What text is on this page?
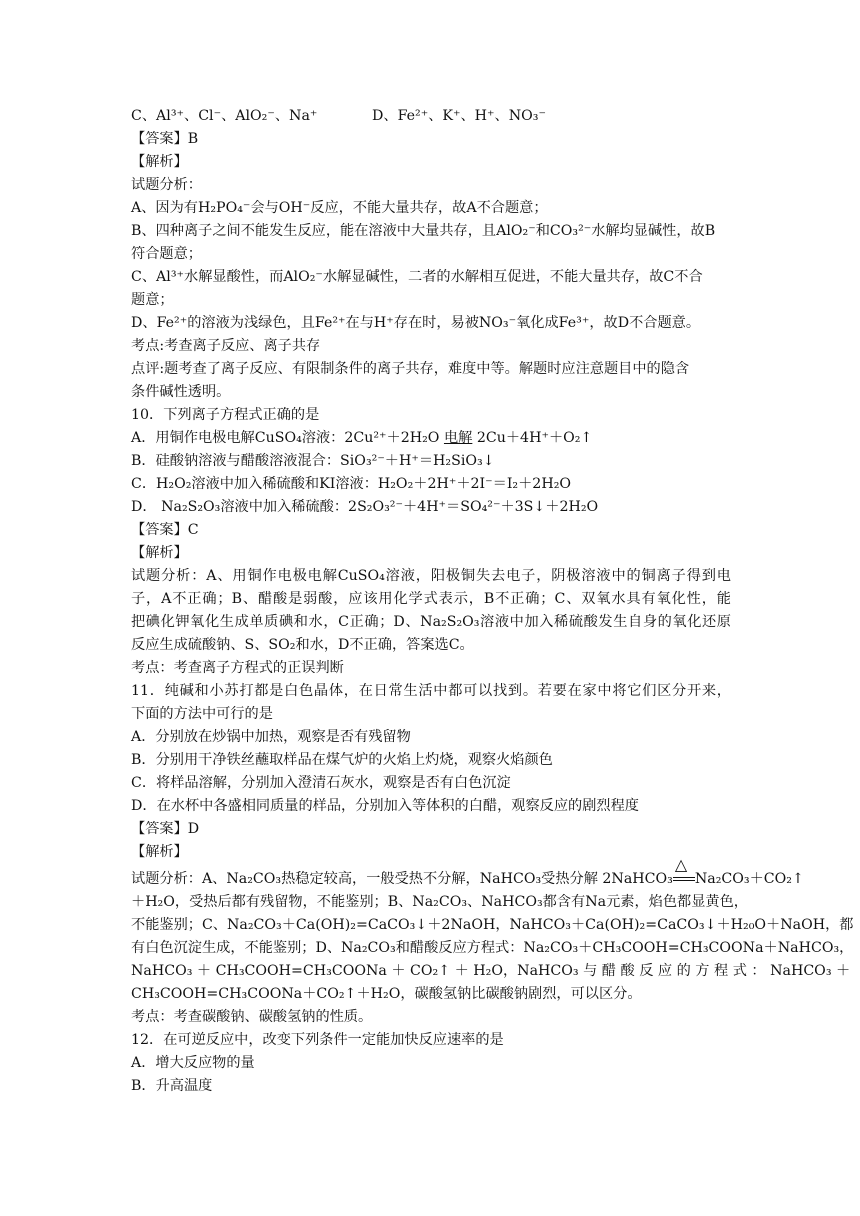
C、Al³⁺、Cl⁻、AlO₂⁻、Na⁺	D、Fe²⁺、K⁺、H⁺、NO₃⁻
【答案】B
【解析】
试题分析：
A、因为有H₂PO₄⁻会与OH⁻反应，不能大量共存，故A不合题意；
B、四种离子之间不能发生反应，能在溶液中大量共存，且AlO₂⁻和CO₃²⁻水解均显碱性，故B
符合题意；
C、Al³⁺水解显酸性，而AlO₂⁻水解显碱性，二者的水解相互促进，不能大量共存，故C不合
题意；
D、Fe²⁺的溶液为浅绿色，且Fe²⁺在与H⁺存在时，易被NO₃⁻氧化成Fe³⁺，故D不合题意。
考点:考查离子反应、离子共存
点评:题考查了离子反应、有限制条件的离子共存，难度中等。解题时应注意题目中的隐含
条件碱性透明。
10．下列离子方程式正确的是
A．用铜作电极电解CuSO₄溶液：2Cu²⁺＋2H₂O 电解 2Cu＋4H⁺＋O₂↑
B．硅酸钠溶液与醋酸溶液混合：SiO₃²⁻＋H⁺＝H₂SiO₃↓
C．H₂O₂溶液中加入稀硫酸和KI溶液：H₂O₂＋2H⁺＋2I⁻＝I₂＋2H₂O
D． Na₂S₂O₃溶液中加入稀硫酸：2S₂O₃²⁻＋4H⁺＝SO₄²⁻＋3S↓＋2H₂O
【答案】C
【解析】
试题分析：A、用铜作电极电解CuSO₄溶液，阳极铜失去电子，阴极溶液中的铜离子得到电
子，A不正确；B、醋酸是弱酸，应该用化学式表示，B不正确；C、双氧水具有氧化性，能
把碘化钾氧化生成单质碘和水，C正确；D、Na₂S₂O₃溶液中加入稀硫酸发生自身的氧化还原
反应生成硫酸钠、S、SO₂和水，D不正确，答案选C。
考点：考查离子方程式的正误判断
11．纯碱和小苏打都是白色晶体，在日常生活中都可以找到。若要在家中将它们区分开来，
下面的方法中可行的是
A．分别放在炒锅中加热，观察是否有残留物
B．分别用干净铁丝蘸取样品在煤气炉的火焰上灼烧，观察火焰颜色
C．将样品溶解，分别加入澄清石灰水，观察是否有白色沉淀
D．在水杯中各盛相同质量的样品，分别加入等体积的白醋，观察反应的剧烈程度
【答案】D
【解析】
试题分析：A、Na₂CO₃热稳定较高，一般受热不分解，NaHCO₃受热分解 2NaHCO₃
△
Na₂CO₃＋CO₂↑
＋H₂O，受热后都有残留物，不能鉴别；B、Na₂CO₃、NaHCO₃都含有Na元素，焰色都显黄色，
不能鉴别；C、Na₂CO₃＋Ca(OH)₂=CaCO₃↓＋2NaOH，NaHCO₃＋Ca(OH)₂=CaCO₃↓＋H₂₀O＋NaOH，都
有白色沉淀生成，不能鉴别；D、Na₂CO₃和醋酸反应方程式：Na₂CO₃＋CH₃COOH=CH₃COONa＋NaHCO₃，
NaHCO₃ ＋ CH₃COOH=CH₃COONa ＋ CO₂↑ ＋ H₂O，NaHCO₃ 与 醋 酸 反 应 的 方 程 式 ： NaHCO₃ ＋
CH₃COOH=CH₃COONa＋CO₂↑＋H₂O，碳酸氢钠比碳酸钠剧烈，可以区分。
考点：考查碳酸钠、碳酸氢钠的性质。
12．在可逆反应中，改变下列条件一定能加快反应速率的是
A．增大反应物的量
B．升高温度
